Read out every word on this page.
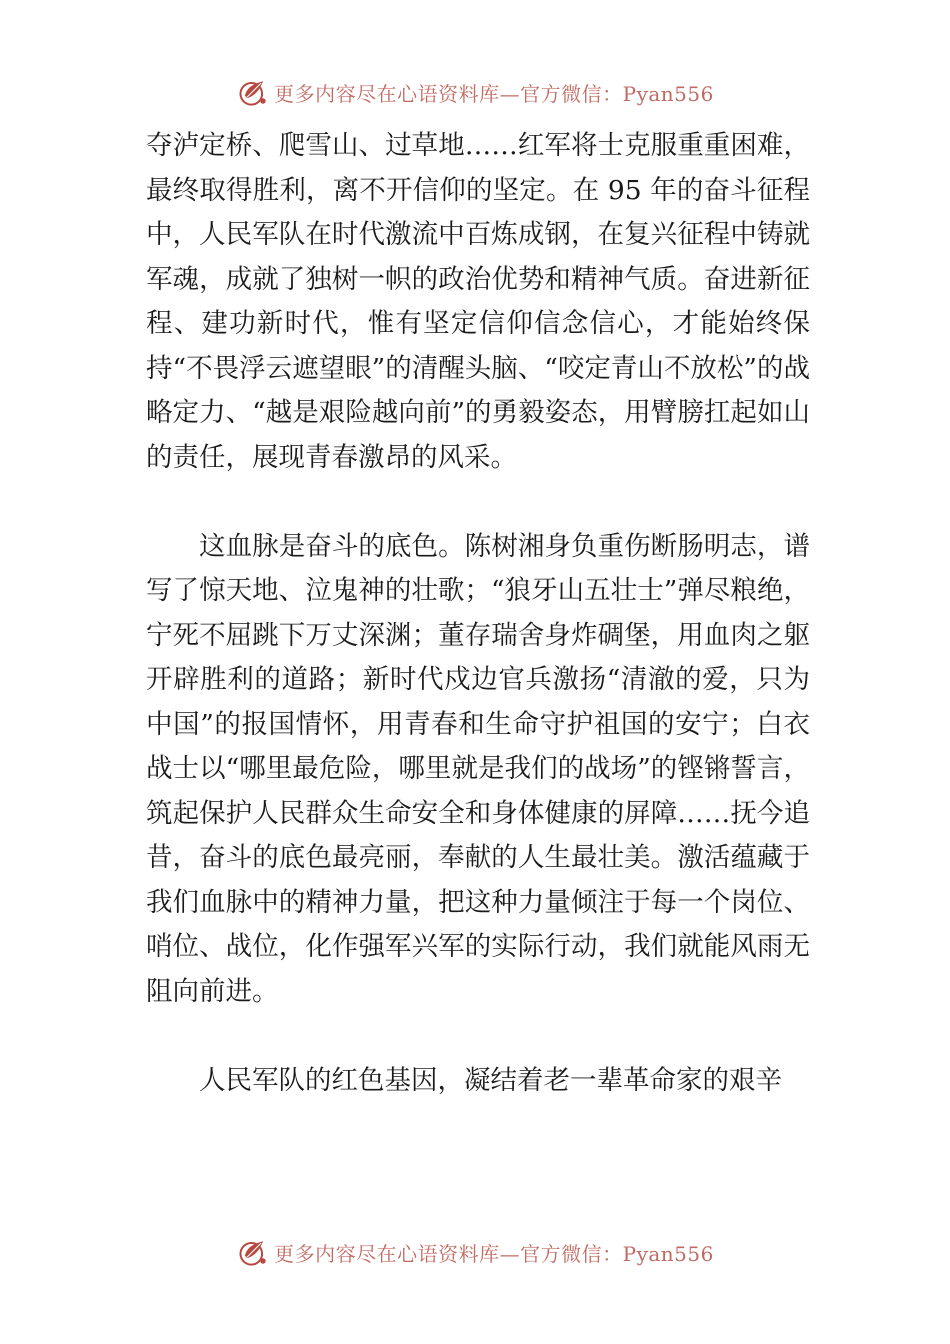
更多内容尽在心语资料库—官方微信：Pyan556

夺泸定桥、爬雪山、过草地……红军将士克服重重困难，最终取得胜利，离不开信仰的坚定。在 95 年的奋斗征程中，人民军队在时代激流中百炼成钢，在复兴征程中铸就军魂，成就了独树一帜的政治优势和精神气质。奋进新征程、建功新时代，惟有坚定信仰信念信心，才能始终保持“不畏浮云遮望眼”的清醒头脑、“咬定青山不放松”的战略定力、“越是艰险越向前”的勇毅姿态，用臂膀扛起如山的责任，展现青春激昂的风采。

这血脉是奋斗的底色。陈树湘身负重伤断肠明志，谱写了惊天地、泣鬼神的壮歌；“狼牙山五壮士”弹尽粮绝，宁死不屈跳下万丈深渊；董存瑞舍身炸碉堡，用血肉之躯开辟胜利的道路；新时代戍边官兵激扬“清澈的爱，只为中国”的报国情怀，用青春和生命守护祖国的安宁；白衣战士以“哪里最危险，哪里就是我们的战场”的铿锵誓言，筑起保护人民群众生命安全和身体健康的屏障……抚今追昔，奋斗的底色最亮丽，奉献的人生最壮美。激活蕴藏于我们血脉中的精神力量，把这种力量倾注于每一个岗位、哨位、战位，化作强军兴军的实际行动，我们就能风雨无阻向前进。

人民军队的红色基因，凝结着老一辈革命家的艰辛

更多内容尽在心语资料库—官方微信：Pyan556
